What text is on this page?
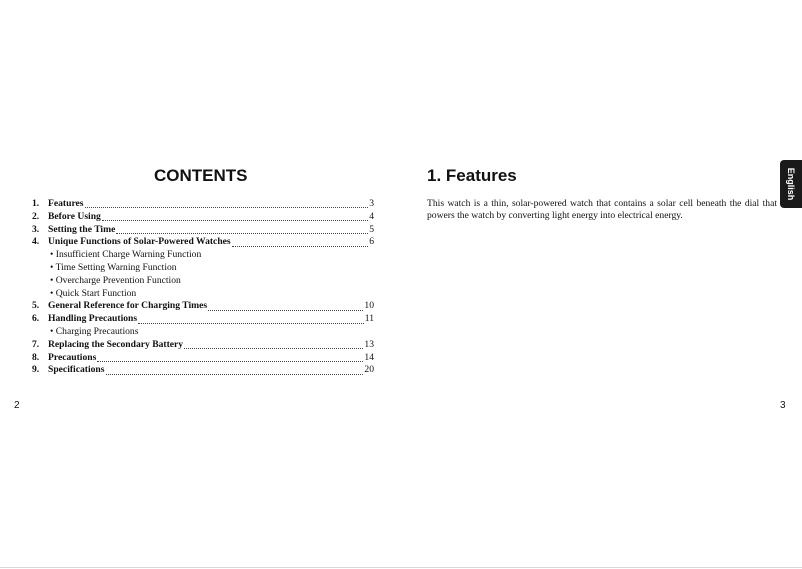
CONTENTS
1. Features	3
2. Before Using	4
3. Setting the Time	5
4. Unique Functions of Solar-Powered Watches	6
• Insufficient Charge Warning Function
• Time Setting Warning Function
• Overcharge Prevention Function
• Quick Start Function
5. General Reference for Charging Times	10
6. Handling Precautions	11
• Charging Precautions
7. Replacing the Secondary Battery	13
8. Precautions	14
9. Specifications	20
2
1. Features

This watch is a thin, solar-powered watch that contains a solar cell beneath the dial that powers the watch by converting light energy into electrical energy.

3
English
